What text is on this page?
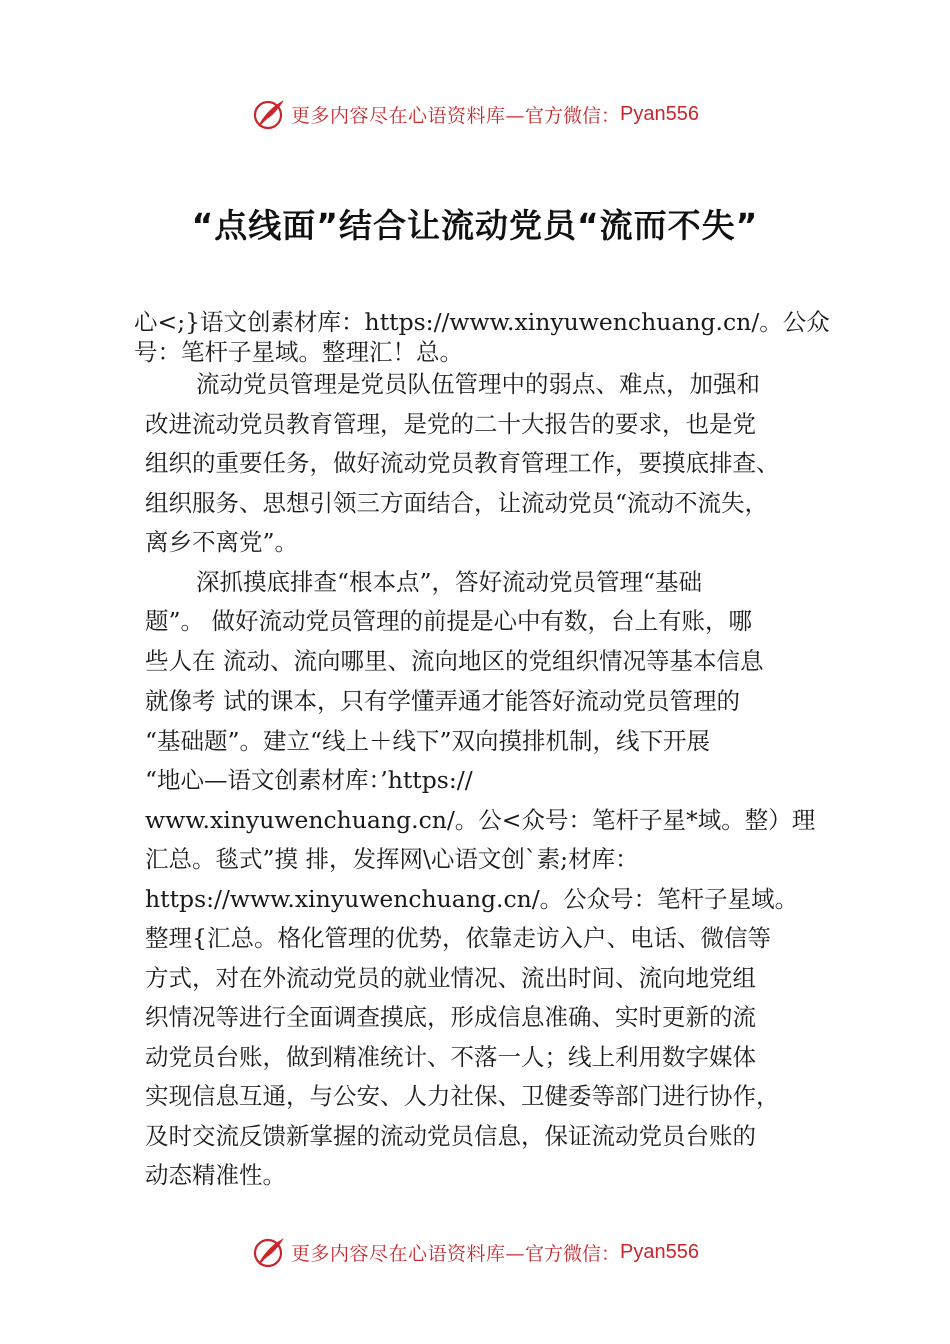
更多内容尽在心语资料库— 官方微信： Pyan556
“点线面”结合让流动党员“流而不失”

心<;}语文创素材库：https://www.xinyuwenchuang.cn/。公众

号：笔杆子星域。整理汇！总。

流动党员管理是党员队伍管理中的弱点、难点，加强和

改进流动党员教育管理，是党的二十大报告的要求，也是党

组织的重要任务，做好流动党员教育管理工作，要摸底排查、

组织服务、思想引领三方面结合，让流动党员“流动不流失，

离乡不离党”。

深抓摸底排查“根本点”，答好流动党员管理“基础

题”。 做好流动党员管理的前提是心中有数，台上有账，哪

些人在 流动、流向哪里、流向地区的党组织情况等基本信息

就像考 试的课本，只有学懂弄通才能答好流动党员管理的

“基础题”。建立“线上＋线下”双向摸排机制，线下开展

“地心—语文创素材库：’https://

www.xinyuwenchuang.cn/。公<众号：笔杆子星*域。整）理

汇总。毯式”摸 排，发挥网\心语文创`素;材库：

https://www.xinyuwenchuang.cn/。公众号：笔杆子星域。

整理{汇总。格化管理的优势，依靠走访入户、电话、微信等

方式，对在外流动党员的就业情况、流出时间、流向地党组

织情况等进行全面调查摸底，形成信息准确、实时更新的流

动党员台账，做到精准统计、不落一人；线上利用数字媒体

实现信息互通，与公安、人力社保、卫健委等部门进行协作，

及时交流反馈新掌握的流动党员信息，保证流动党员台账的

动态精准性。

更多内容尽在心语资料库— 官方微信： Pyan556
